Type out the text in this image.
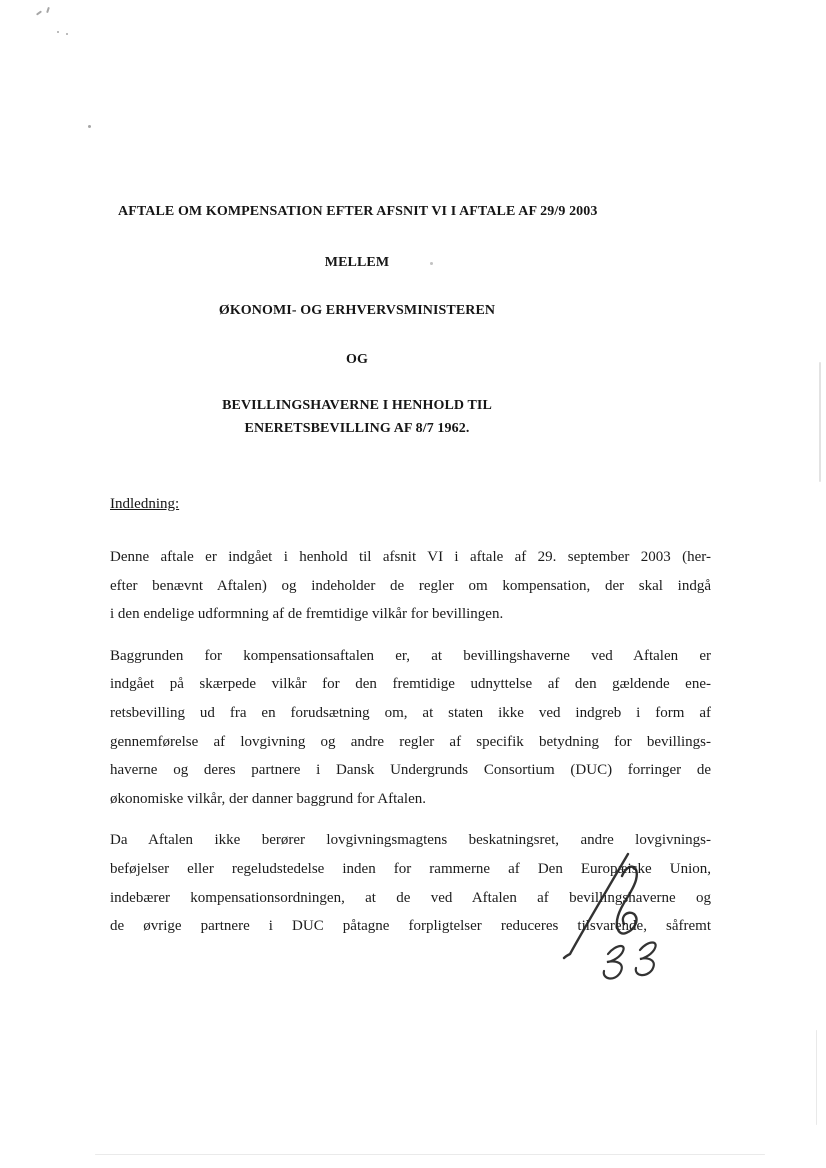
AFTALE OM KOMPENSATION EFTER AFSNIT VI I AFTALE AF 29/9 2003
MELLEM
ØKONOMI- OG ERHVERVSMINISTEREN
OG
BEVILLINGSHAVERNE I HENHOLD TIL
ENERETSBEVILLING AF 8/7 1962.
Indledning:
Denne aftale er indgået i henhold til afsnit VI i aftale af 29. september 2003 (her-
efter benævnt Aftalen) og indeholder de regler om kompensation, der skal indgå
i den endelige udformning af de fremtidige vilkår for bevillingen.
Baggrunden for kompensationsaftalen er, at bevillingshaverne ved Aftalen er
indgået på skærpede vilkår for den fremtidige udnyttelse af den gældende ene-
retsbevilling ud fra en forudsætning om, at staten ikke ved indgreb i form af
gennemførelse af lovgivning og andre regler af specifik betydning for bevillings-
haverne og deres partnere i Dansk Undergrunds Consortium (DUC) forringer de
økonomiske vilkår, der danner baggrund for Aftalen.
Da Aftalen ikke berører lovgivningsmagtens beskatningsret, andre lovgivnings-
beføjelser eller regeludstedelse inden for rammerne af Den Europæiske Union,
indebærer kompensationsordningen, at de ved Aftalen af bevillingshaverne og
de øvrige partnere i DUC påtagne forpligtelser reduceres tilsvarende, såfremt
